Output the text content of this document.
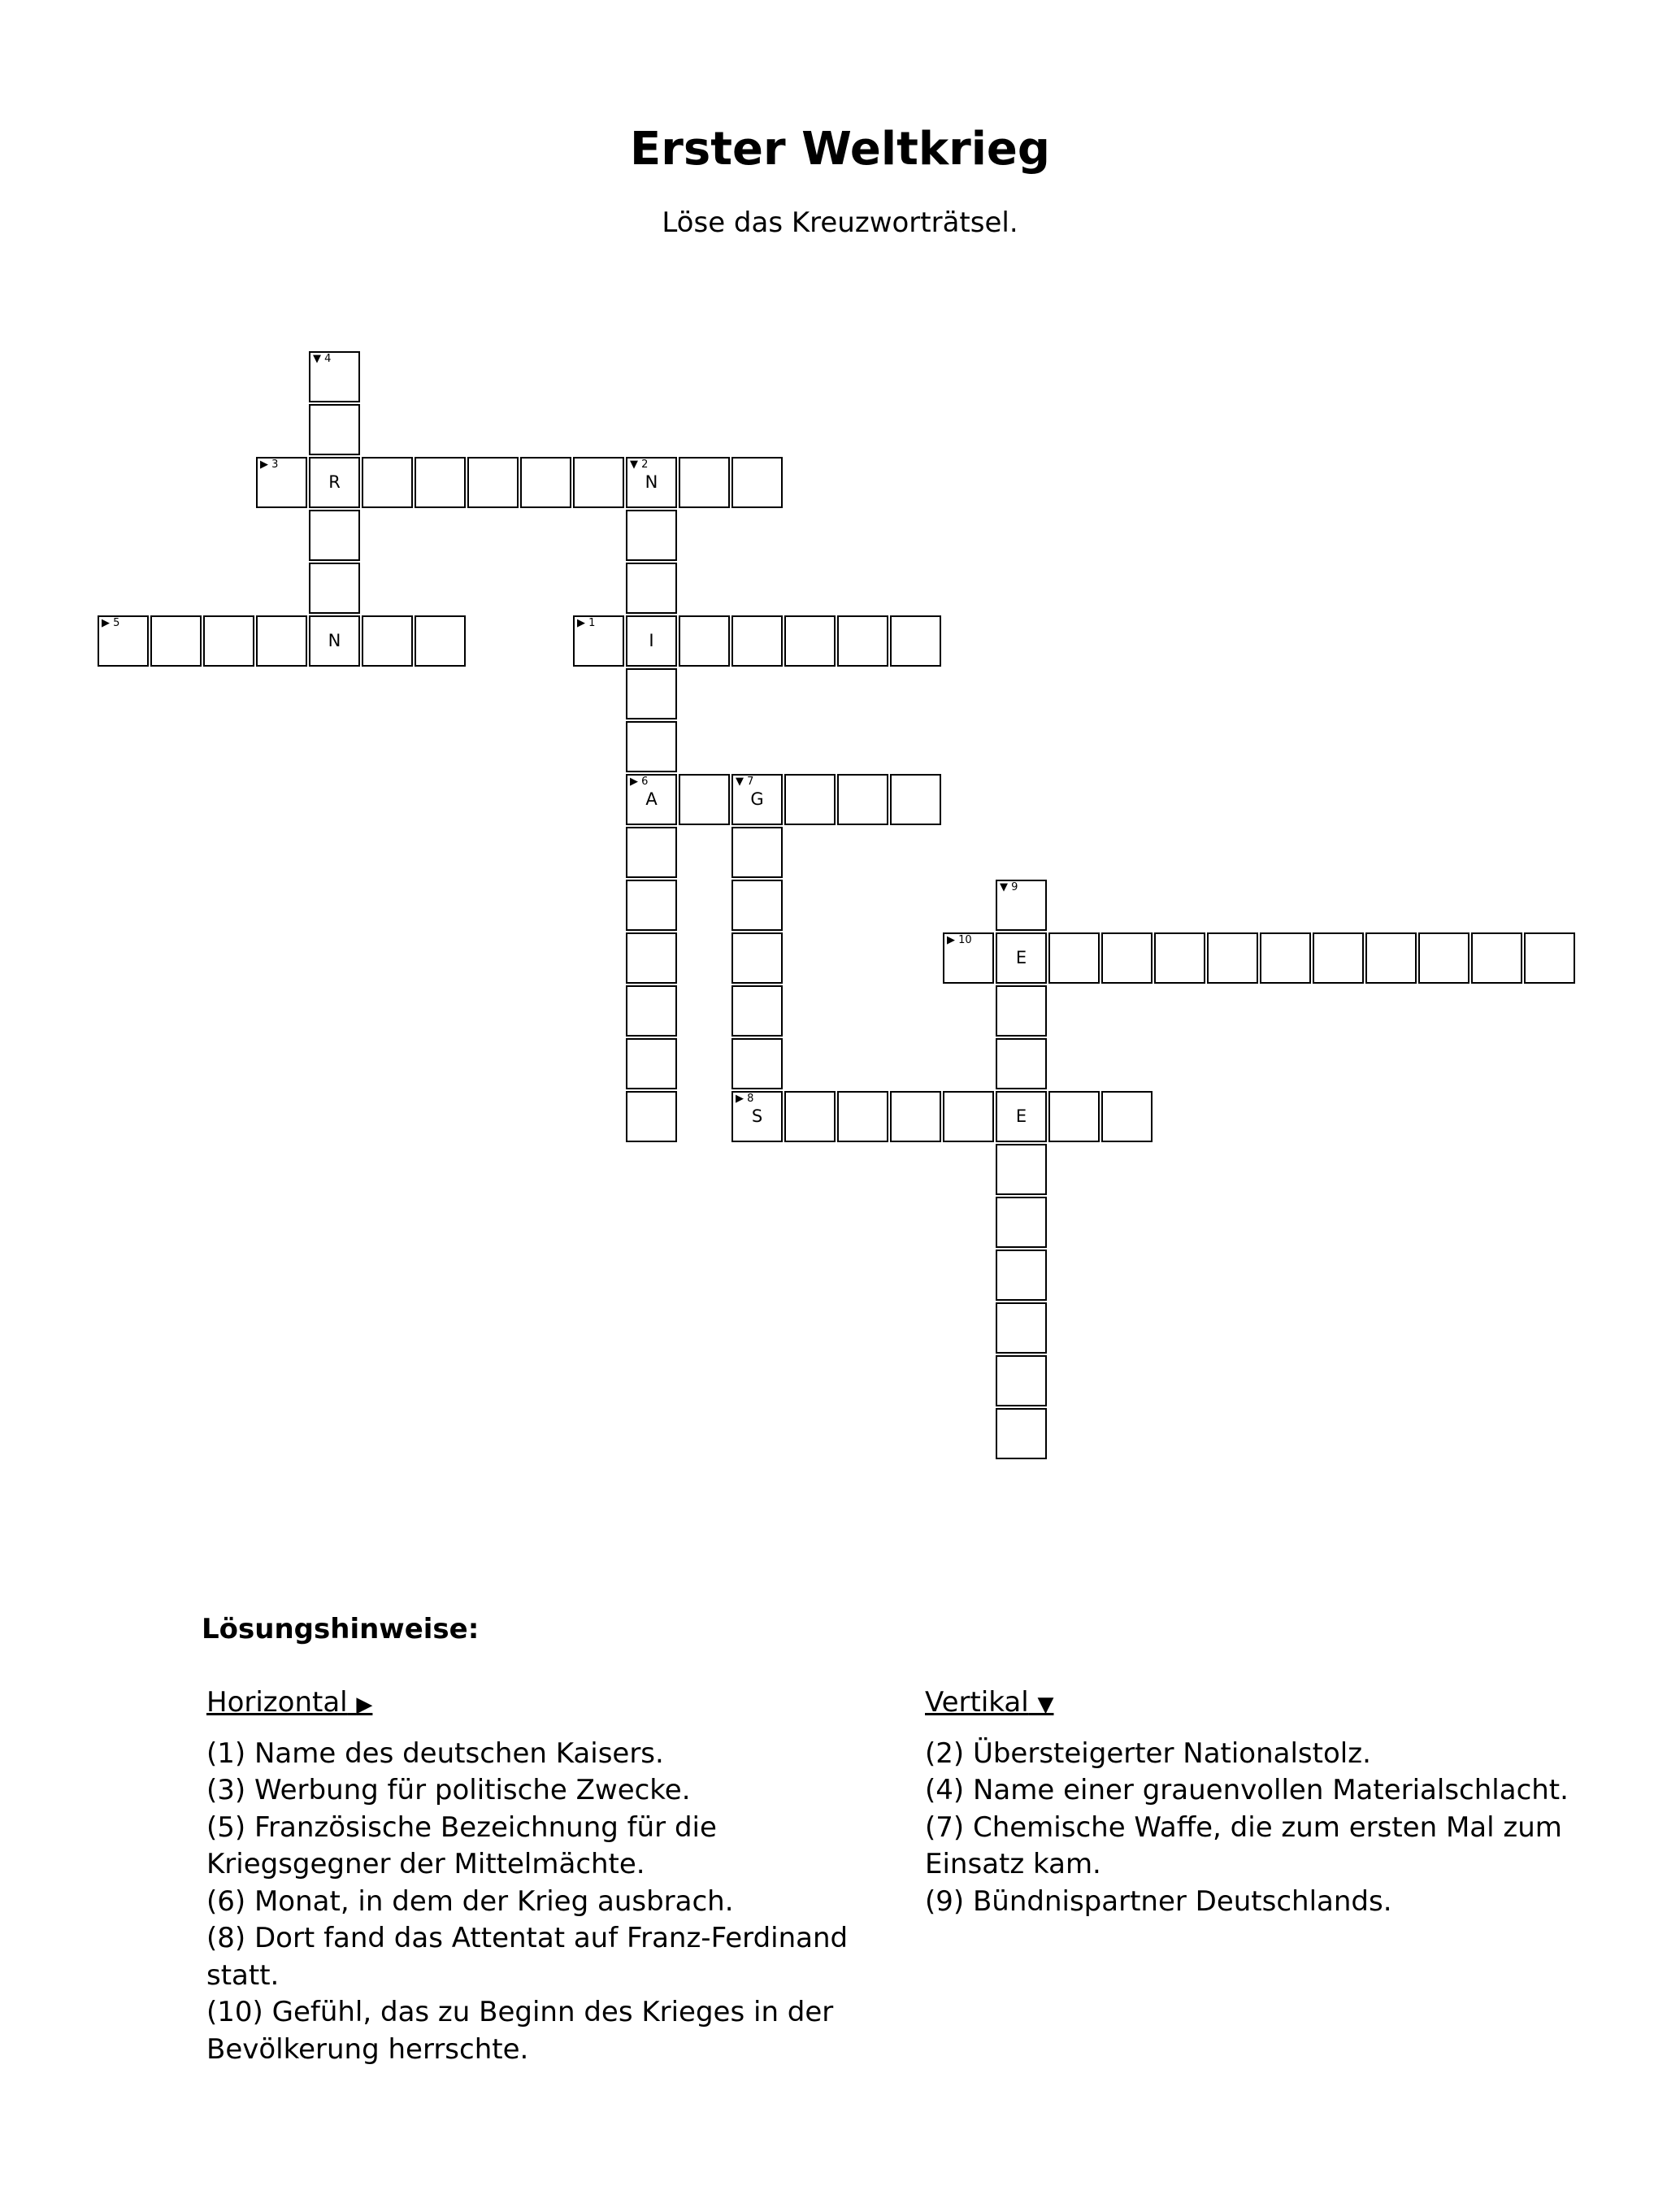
Erster Weltkrieg
Löse das Kreuzworträtsel.
▶ 1
I
▼ 2
N
▶ 6
A
▶ 3
R
▼ 4
▶ 5
N
▼ 7
G
▶ 8
S	E
▼ 9
E
▶ 10
Lösungshinweise:
Horizontal ▶
(1) Name des deutschen Kaisers.
(3) Werbung für politische Zwecke.
(5) Französische Bezeichnung für die Kriegsgegner der Mittelmächte.
(6) Monat, in dem der Krieg ausbrach.
(8) Dort fand das Attentat auf Franz-Ferdinand statt.
(10) Gefühl, das zu Beginn des Krieges in der Bevölkerung herrschte.
Vertikal ▼
(2) Übersteigerter Nationalstolz.
(4) Name einer grauenvollen Materialschlacht.
(7) Chemische Waffe, die zum ersten Mal zum Einsatz kam.
(9) Bündnispartner Deutschlands.
